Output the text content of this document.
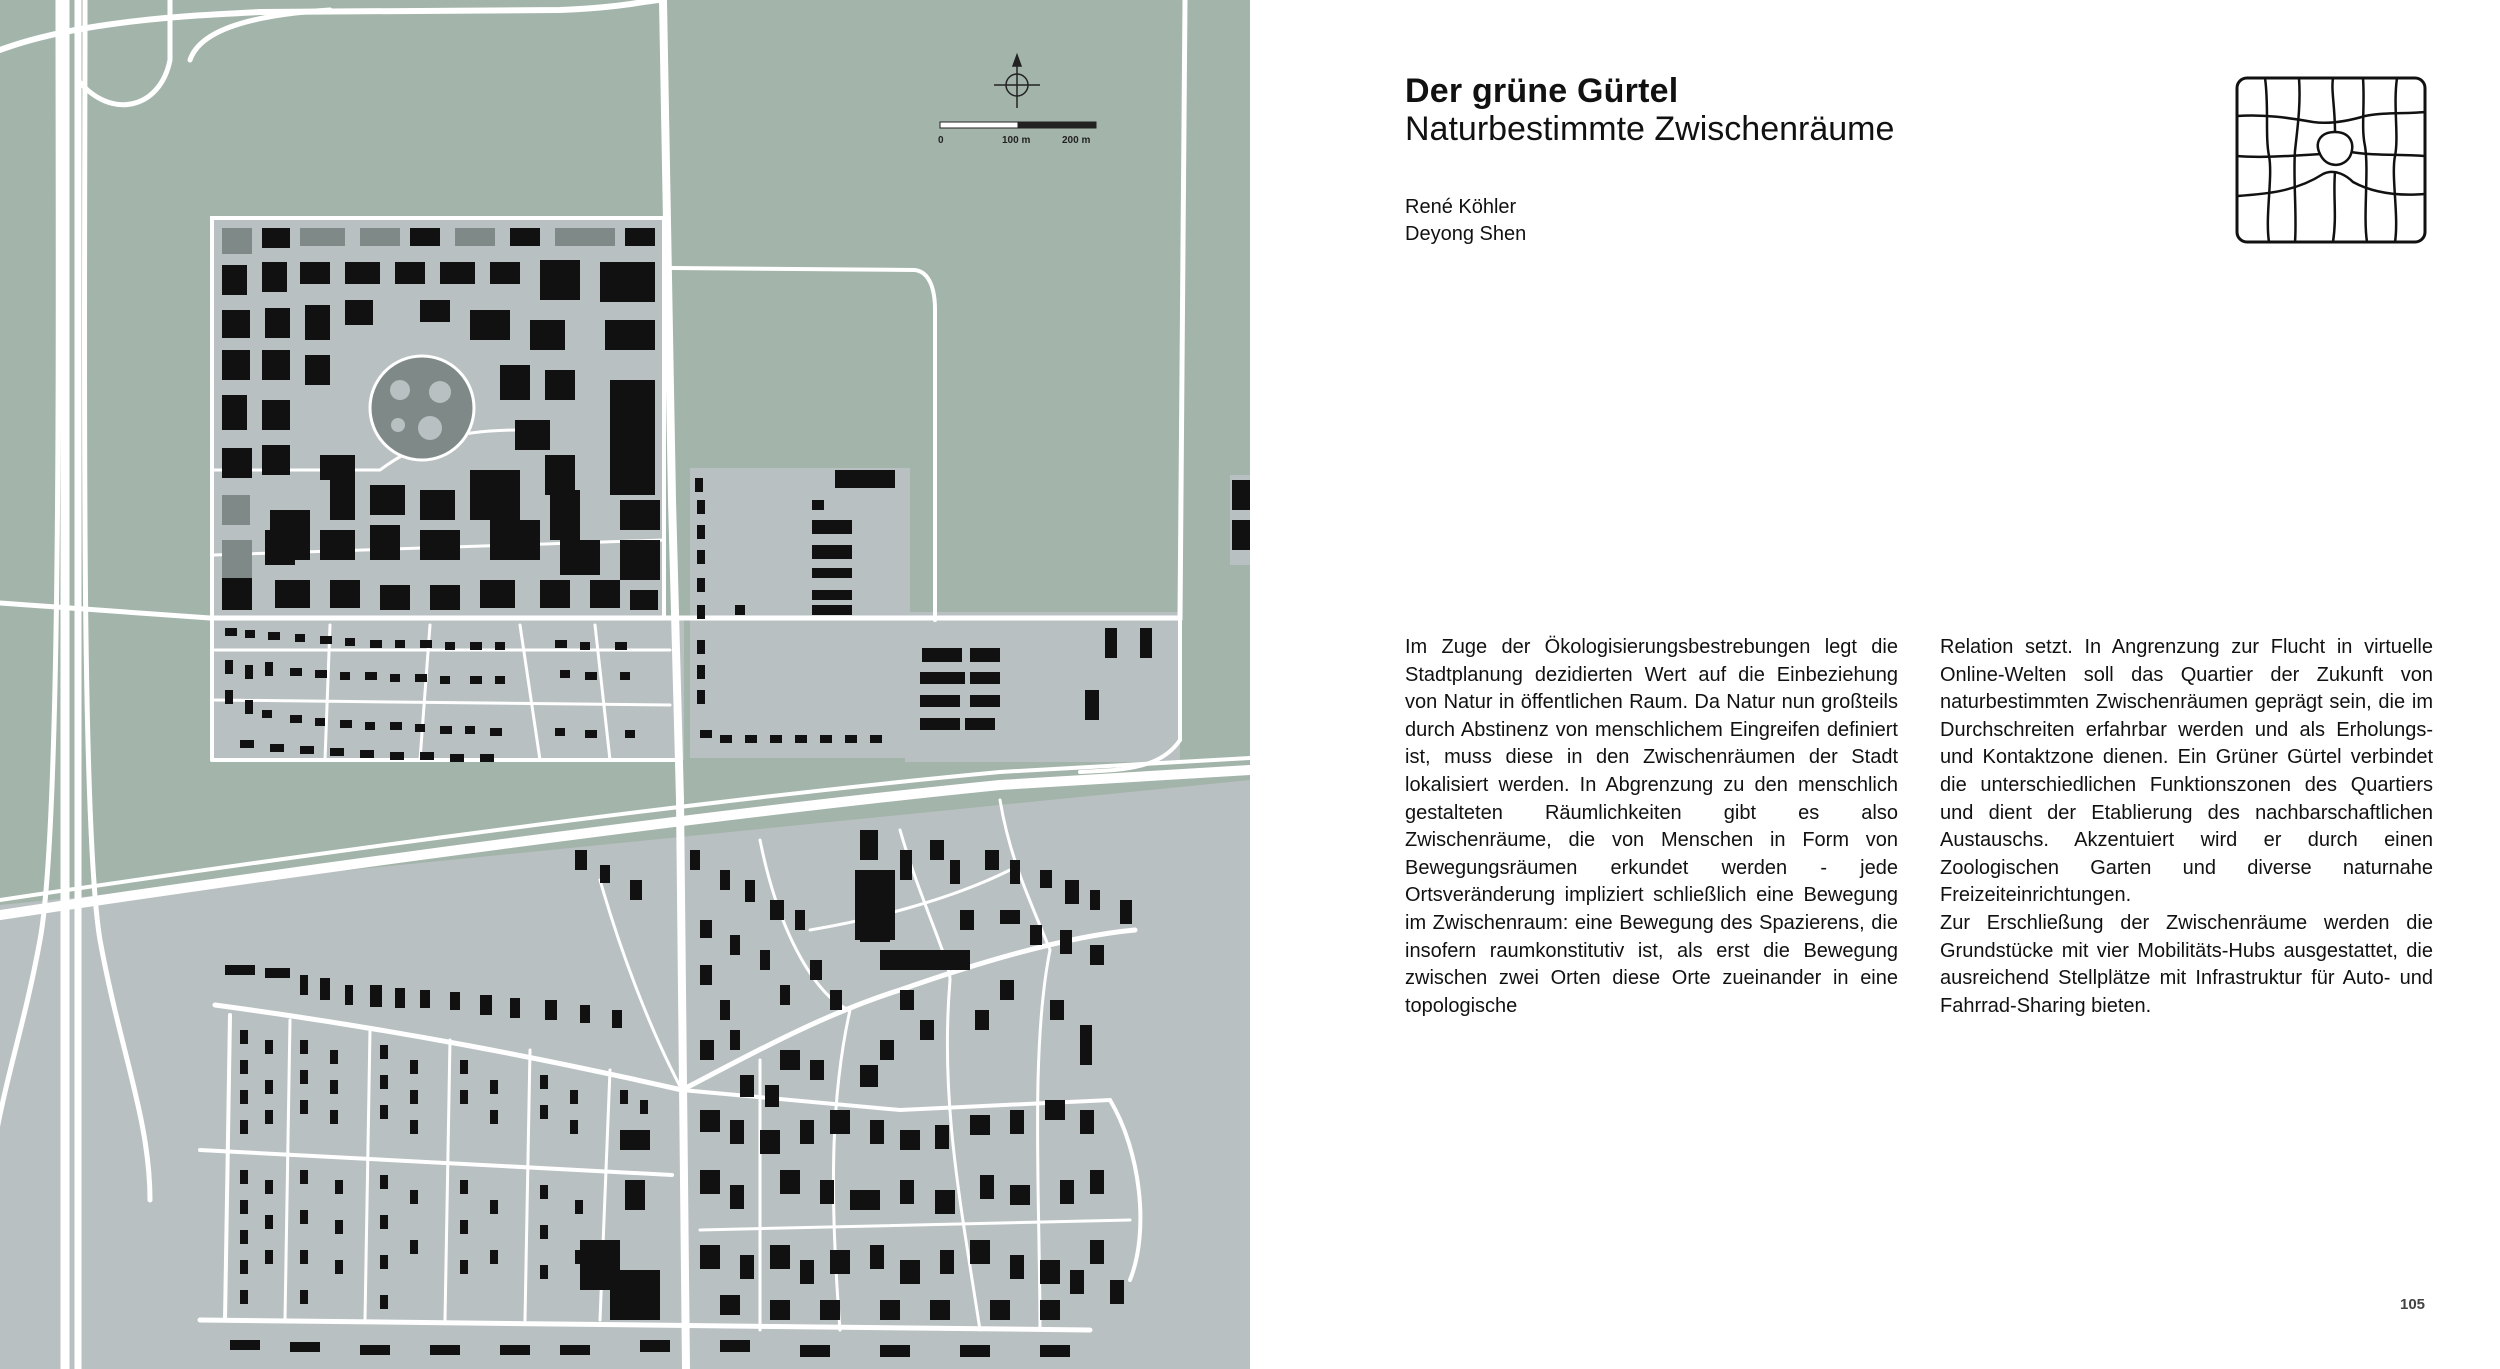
0	100 m	200 m
Der grüne Gürtel
Naturbestimmte Zwischenräume
René Köhler
Deyong Shen

Im Zuge der Ökologisierungsbestrebungen legt die Stadtplanung dezidierten Wert auf die Einbeziehung von Natur in öffentlichen Raum. Da Natur nun großteils durch Abstinenz von menschlichem Eingreifen definiert ist, muss diese in den Zwischenräumen der Stadt lokalisiert werden. In Abgrenzung zu den menschlich gestalteten Räumlichkeiten gibt es also Zwischenräume, die von Menschen in Form von Bewegungsräumen erkundet werden - jede Ortsveränderung impliziert schließlich eine Bewegung im Zwischenraum: eine Bewegung des Spazierens, die insofern raumkonstitutiv ist, als erst die Bewegung zwischen zwei Orten diese Orte zueinander in eine topologische

Relation setzt. In Angrenzung zur Flucht in virtuelle Online-Welten soll das Quartier der Zukunft von naturbestimmten Zwischenräumen geprägt sein, die im Durchschreiten erfahrbar werden und als Erholungs- und Kontaktzone dienen. Ein Grüner Gürtel verbindet die unterschiedlichen Funktionszonen des Quartiers und dient der Etablierung des nachbarschaftlichen Austauschs. Akzentuiert wird er durch einen Zoologischen Garten und diverse naturnahe Freizeiteinrichtungen.

Zur Erschließung der Zwischenräume werden die Grundstücke mit vier Mobilitäts-Hubs ausgestattet, die ausreichend Stellplätze mit Infrastruktur für Auto- und Fahrrad-Sharing bieten.

105
